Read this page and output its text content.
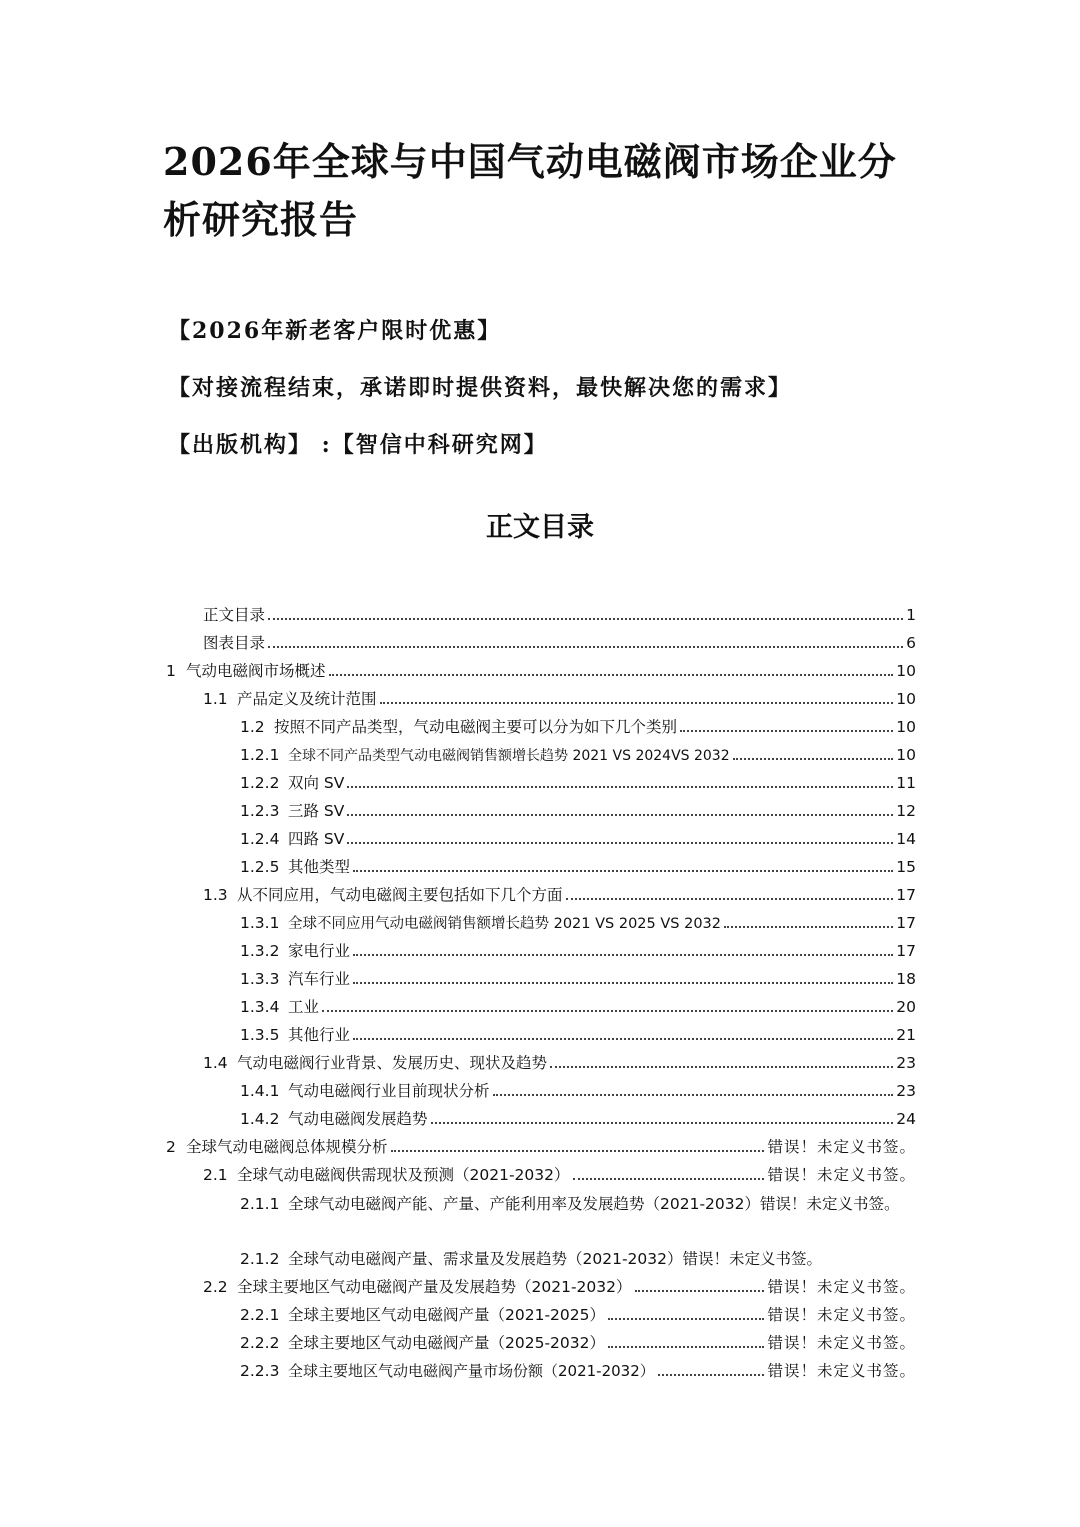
2026年全球与中国气动电磁阀市场企业分析研究报告
【2026年新老客户限时优惠】
【对接流程结束，承诺即时提供资料，最快解决您的需求】
【出版机构】 :【智信中科研究网】
正文目录
正文目录	1
图表目录	6
1 气动电磁阀市场概述	10
1.1 产品定义及统计范围	10
1.2 按照不同产品类型，气动电磁阀主要可以分为如下几个类别	10
1.2.1 全球不同产品类型气动电磁阀销售额增长趋势 2021 VS 2024VS 2032	10
1.2.2 双向 SV	11
1.2.3 三路 SV	12
1.2.4 四路 SV	14
1.2.5 其他类型	15
1.3 从不同应用，气动电磁阀主要包括如下几个方面	17
1.3.1 全球不同应用气动电磁阀销售额增长趋势 2021 VS 2025 VS 2032	17
1.3.2 家电行业	17
1.3.3 汽车行业	18
1.3.4 工业	20
1.3.5 其他行业	21
1.4 气动电磁阀行业背景、发展历史、现状及趋势	23
1.4.1 气动电磁阀行业目前现状分析	23
1.4.2 气动电磁阀发展趋势	24
2 全球气动电磁阀总体规模分析	错误！未定义书签。
2.1 全球气动电磁阀供需现状及预测（2021-2032）	错误！未定义书签。
2.1.1 全球气动电磁阀产能、产量、产能利用率及发展趋势（2021-2032）错误！未定义书签。
2.1.2 全球气动电磁阀产量、需求量及发展趋势（2021-2032）错误！未定义书签。
2.2 全球主要地区气动电磁阀产量及发展趋势（2021-2032）	错误！未定义书签。
2.2.1 全球主要地区气动电磁阀产量（2021-2025）	错误！未定义书签。
2.2.2 全球主要地区气动电磁阀产量（2025-2032）	错误！未定义书签。
2.2.3 全球主要地区气动电磁阀产量市场份额（2021-2032）	错误！未定义书签。
